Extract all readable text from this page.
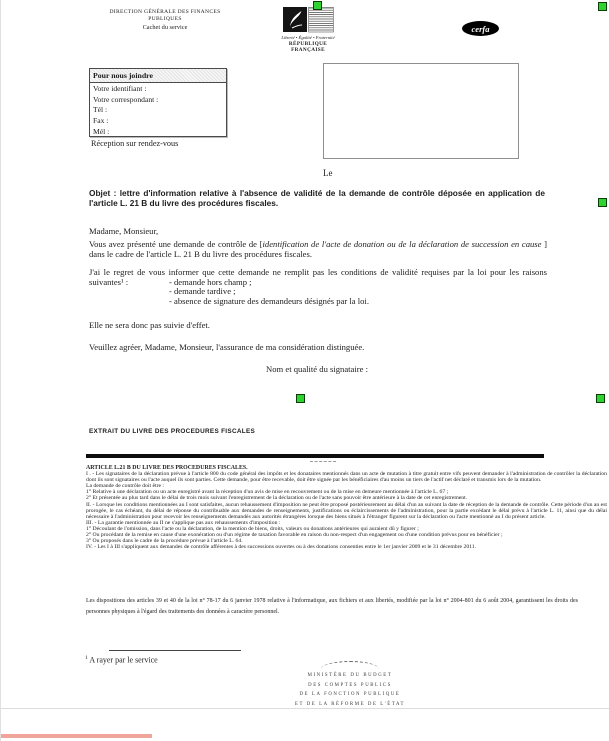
DIRECTION GÉNÉRALE DES FINANCES
PUBLIQUES
Cachet du service
Liberté • Égalité • Fraternité
RÉPUBLIQUE FRANÇAISE
cerfa
Pour nous joindre
Votre identifiant :
Votre correspondant :
Tél :
Fax :
Mél :
Réception sur rendez-vous
Le
Objet : lettre d'information relative à l'absence de validité de la demande de contrôle déposée en application de l'article L. 21 B du livre des procédures fiscales.
Madame, Monsieur,
Vous avez présenté une demande de contrôle de [identification de l'acte de donation ou de la déclaration de succession en cause ] dans le cadre de l'article L. 21 B du livre des procédures fiscales.
J'ai le regret de vous informer que cette demande ne remplit pas les conditions de validité requises par la loi pour les raisons suivantes¹ :	- demande hors champ ;
- demande tardive ;
- absence de signature des demandeurs désignés par la loi.
Elle ne sera donc pas suivie d'effet.
Veuillez agréer, Madame, Monsieur, l'assurance de ma considération distinguée.
Nom et qualité du signataire :
EXTRAIT DU LIVRE DES PROCEDURES FISCALES
ARTICLE L.21 B DU LIVRE DES PROCEDURES FISCALES.
I . - Les signataires de la déclaration prévue à l'article 800 du code général des impôts et les donataires mentionnés dans un acte de mutation à titre gratuit entre vifs peuvent demander à l'administration de contrôler la déclaration dont ils sont signataires ou l'acte auquel ils sont parties. Cette demande, pour être recevable, doit être signée par les bénéficiaires d'au moins un tiers de l'actif net déclaré et transmis lors de la mutation.
La demande de contrôle doit être :
1° Relative à une déclaration ou un acte enregistré avant la réception d'un avis de mise en recouvrement ou de la mise en demeure mentionnée à l'article L. 67 ;
2° Et présentée au plus tard dans le délai de trois mois suivant l'enregistrement de la déclaration ou de l'acte sans pouvoir être antérieure à la date de cet enregistrement.
II. - Lorsque les conditions mentionnées au I sont satisfaites, aucun rehaussement d'imposition ne peut être proposé postérieurement au délai d'un an suivant la date de réception de la demande de contrôle. Cette période d'un an est prorogée, le cas échéant, du délai de réponse du contribuable aux demandes de renseignements, justifications ou éclaircissements de l'administration, pour la partie excédant le délai prévu à l'article L. 11, ainsi que du délai nécessaire à l'administration pour recevoir les renseignements demandés aux autorités étrangères lorsque des biens situés à l'étranger figurent sur la déclaration ou l'acte mentionné au I du présent article.
III. - La garantie mentionnée au II ne s'applique pas aux rehaussements d'imposition :
1° Découlant de l'omission, dans l'acte ou la déclaration, de la mention de biens, droits, valeurs ou donations antérieures qui auraient dû y figurer ;
2° Ou procédant de la remise en cause d'une exonération ou d'un régime de taxation favorable en raison du non-respect d'un engagement ou d'une condition prévus pour en bénéficier ;
3° Ou proposés dans le cadre de la procédure prévue à l'article L. 64.
IV. - Les I à III s'appliquent aux demandes de contrôle afférentes à des successions ouvertes ou à des donations consenties entre le 1er janvier 2009 et le 31 décembre 2011.
Les dispositions des articles 39 et 40 de la loi n° 78-17 du 6 janvier 1978 relative à l'informatique, aux fichiers et aux libertés, modifiée par la loi n° 2004-801 du 6 août 2004, garantissent les droits des personnes physiques à l'égard des traitements des données à caractère personnel.
$^1$ A rayer par le service
MINISTÈRE DU BUDGET
DES COMPTES PUBLICS
DE LA FONCTION PUBLIQUE
ET DE LA RÉFORME DE L'ÉTAT
